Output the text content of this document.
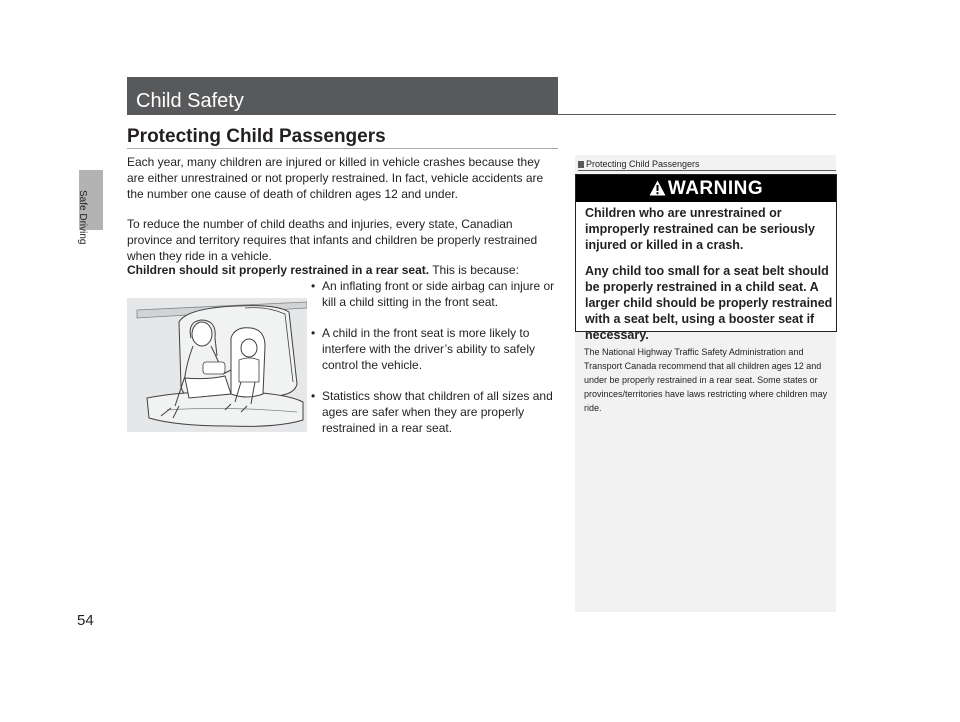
Safe Driving
54
Child Safety
Protecting Child Passengers
Each year, many children are injured or killed in vehicle crashes because they are either unrestrained or not properly restrained. In fact, vehicle accidents are the number one cause of death of children ages 12 and under.
To reduce the number of child deaths and injuries, every state, Canadian province and territory requires that infants and children be properly restrained when they ride in a vehicle.
Children should sit properly restrained in a rear seat. This is because:
• An inflating front or side airbag can injure or kill a child sitting in the front seat.
• A child in the front seat is more likely to interfere with the driver’s ability to safely control the vehicle.
• Statistics show that children of all sizes and ages are safer when they are properly restrained in a rear seat.
Protecting Child Passengers
WARNING
Children who are unrestrained or improperly restrained can be seriously injured or killed in a crash.
Any child too small for a seat belt should be properly restrained in a child seat. A larger child should be properly restrained with a seat belt, using a booster seat if necessary.
The National Highway Traffic Safety Administration and Transport Canada recommend that all children ages 12 and under be properly restrained in a rear seat. Some states or provinces/territories have laws restricting where children may ride.
